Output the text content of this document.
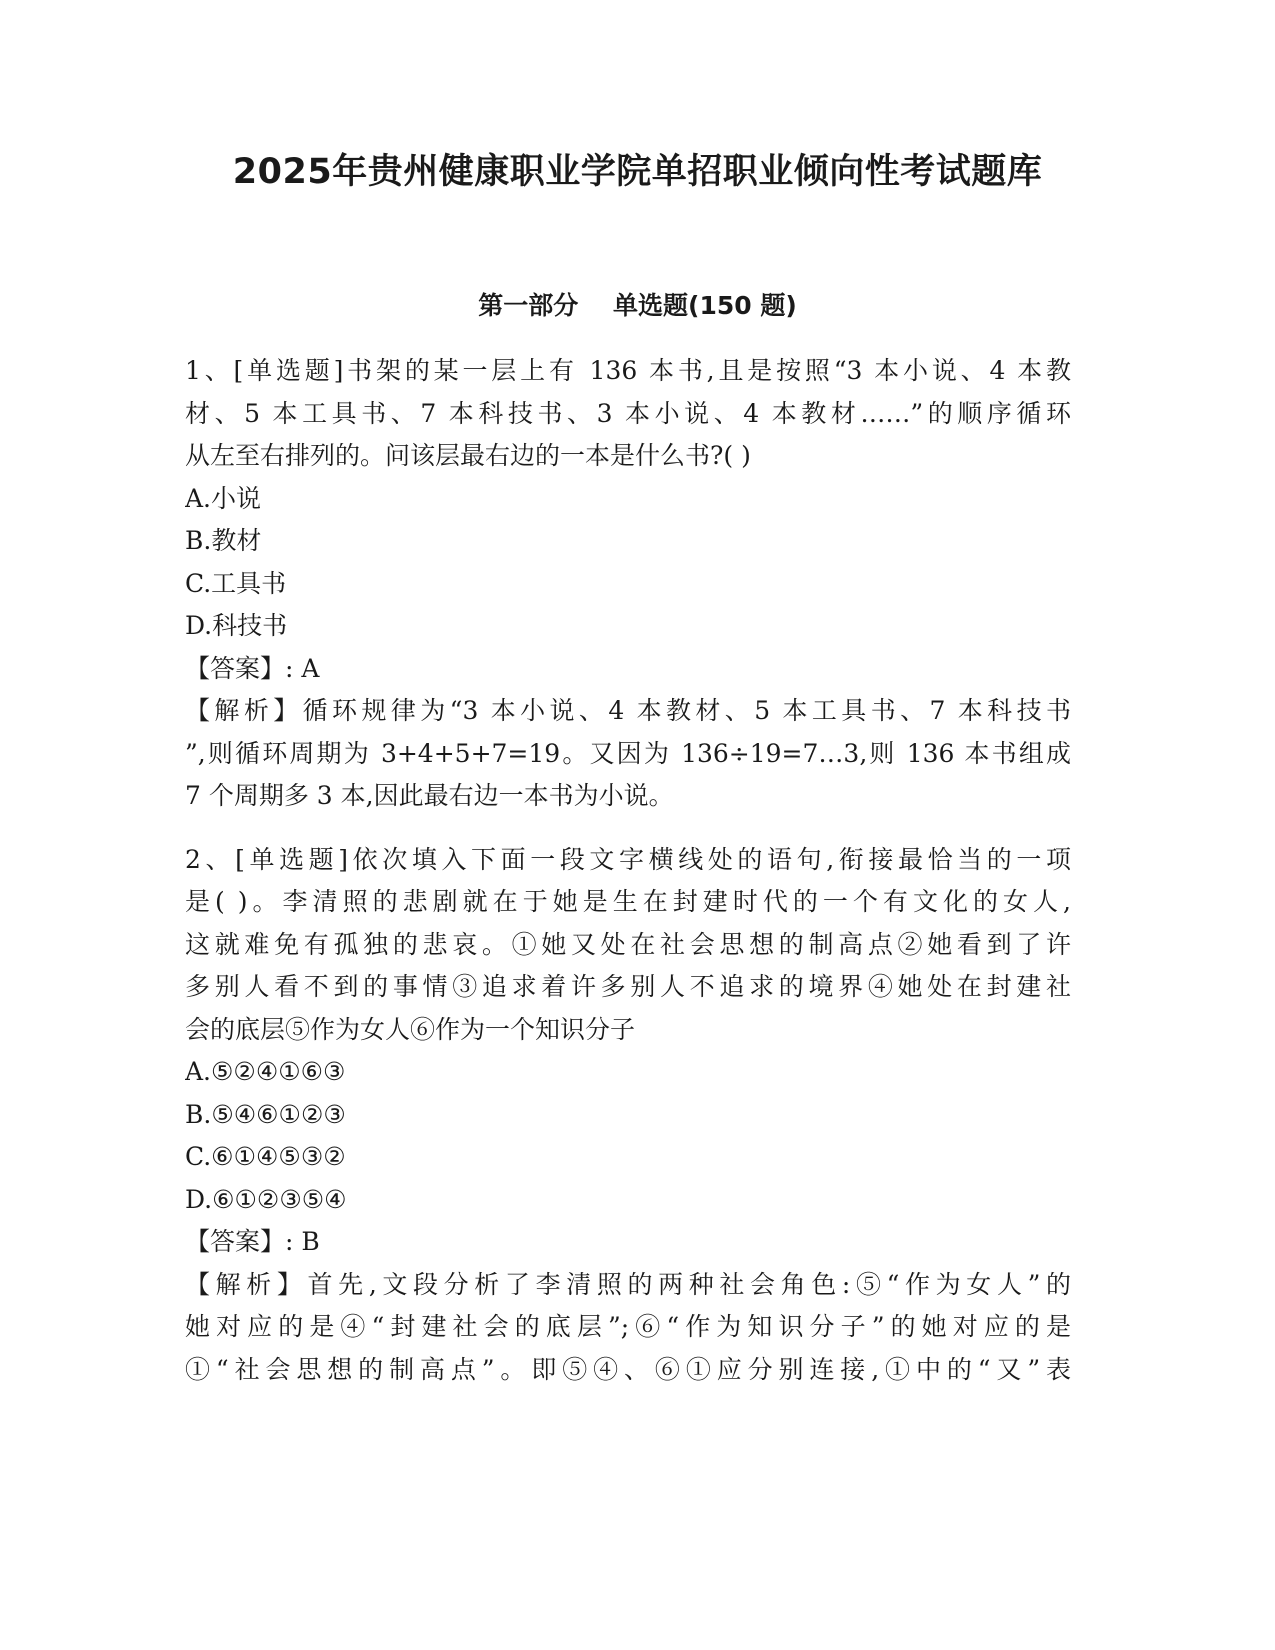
2025年贵州健康职业学院单招职业倾向性考试题库
第一部分    单选题(150 题)
1、[单选题]书架的某一层上有 136 本书,且是按照“3 本小说、4 本教
材、5 本工具书、7 本科技书、3 本小说、4 本教材……”的顺序循环
从左至右排列的。问该层最右边的一本是什么书?( )
A.小说
B.教材
C.工具书
D.科技书
【答案】: A
【解析】循环规律为“3 本小说、4 本教材、5 本工具书、7 本科技书
”,则循环周期为 3+4+5+7=19。又因为 136÷19=7…3,则 136 本书组成
7 个周期多 3 本,因此最右边一本书为小说。
2、[单选题]依次填入下面一段文字横线处的语句,衔接最恰当的一项
是( )。李清照的悲剧就在于她是生在封建时代的一个有文化的女人,
这就难免有孤独的悲哀。①她又处在社会思想的制高点②她看到了许
多别人看不到的事情③追求着许多别人不追求的境界④她处在封建社
会的底层⑤作为女人⑥作为一个知识分子
A.⑤②④①⑥③
B.⑤④⑥①②③
C.⑥①④⑤③②
D.⑥①②③⑤④
【答案】: B
【解析】首先,文段分析了李清照的两种社会角色:⑤“作为女人”的
她对应的是④“封建社会的底层”;⑥“作为知识分子”的她对应的是
①“社会思想的制高点”。即⑤④、⑥①应分别连接,①中的“又”表
